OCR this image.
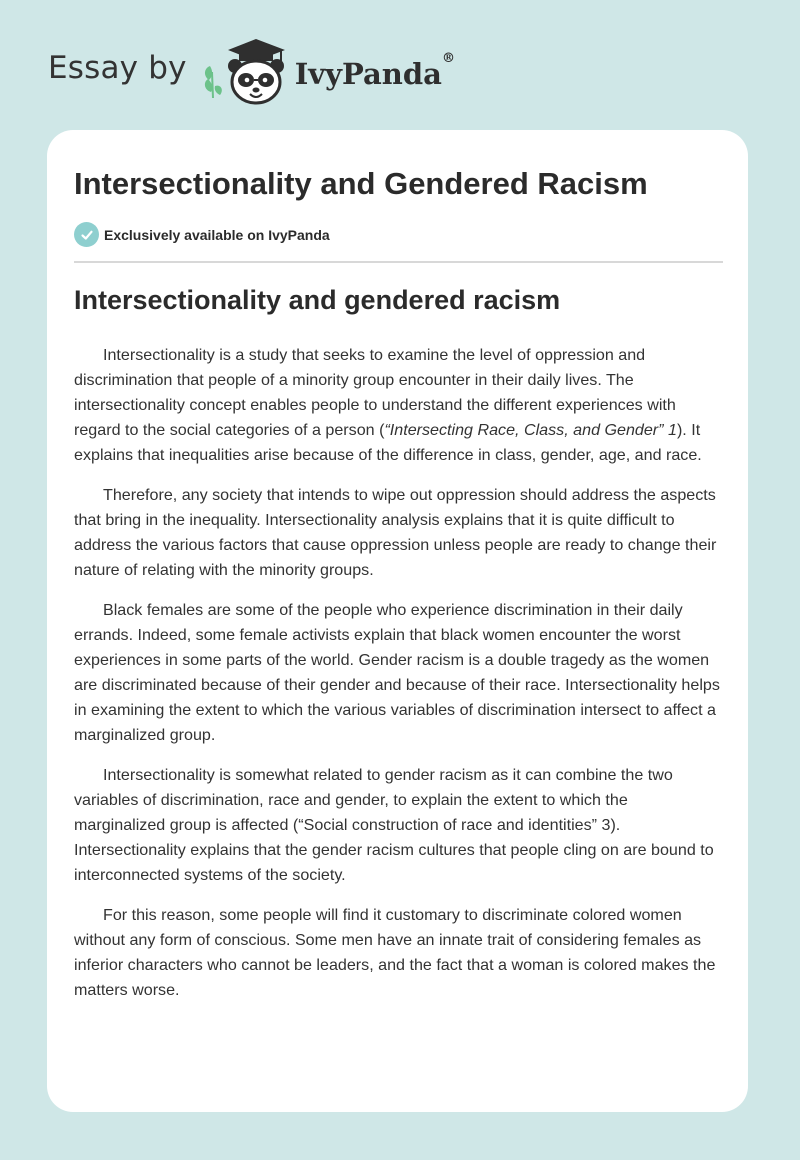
Essay by	IvyPanda®
Intersectionality and Gendered Racism
Exclusively available on IvyPanda
Intersectionality and gendered racism

Intersectionality is a study that seeks to examine the level of oppression and discrimination that people of a minority group encounter in their daily lives. The intersectionality concept enables people to understand the different experiences with regard to the social categories of a person (“Intersecting Race, Class, and Gender” 1). It explains that inequalities arise because of the difference in class, gender, age, and race.

Therefore, any society that intends to wipe out oppression should address the aspects that bring in the inequality. Intersectionality analysis explains that it is quite difficult to address the various factors that cause oppression unless people are ready to change their nature of relating with the minority groups.

Black females are some of the people who experience discrimination in their daily errands. Indeed, some female activists explain that black women encounter the worst experiences in some parts of the world. Gender racism is a double tragedy as the women are discriminated because of their gender and because of their race. Intersectionality helps in examining the extent to which the various variables of discrimination intersect to affect a marginalized group.

Intersectionality is somewhat related to gender racism as it can combine the two variables of discrimination, race and gender, to explain the extent to which the marginalized group is affected (“Social construction of race and identities” 3). Intersectionality explains that the gender racism cultures that people cling on are bound to interconnected systems of the society.

For this reason, some people will find it customary to discriminate colored women without any form of conscious. Some men have an innate trait of considering females as inferior characters who cannot be leaders, and the fact that a woman is colored makes the matters worse.
